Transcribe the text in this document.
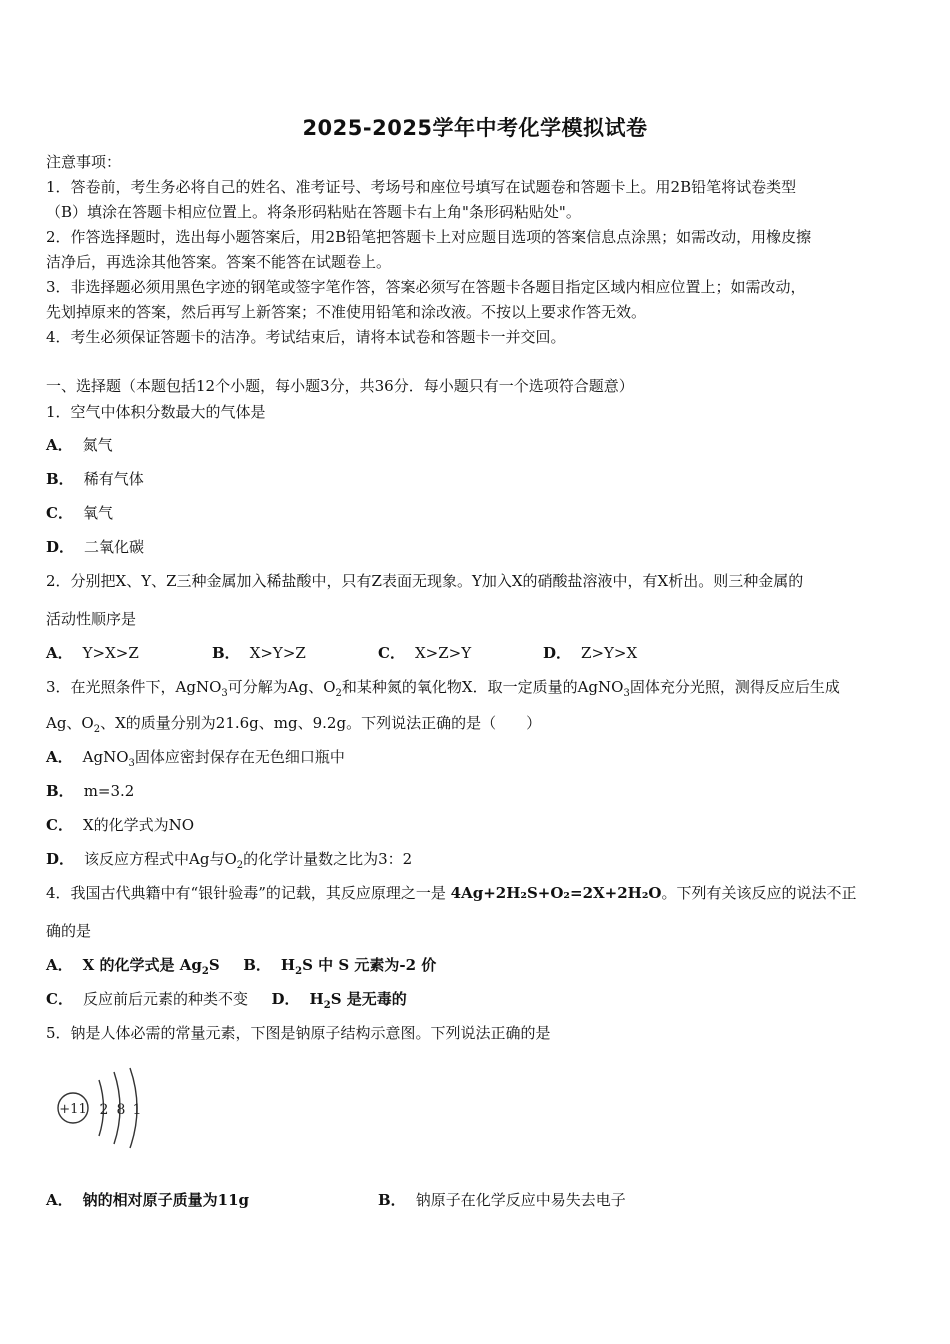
2025-2025学年中考化学模拟试卷
注意事项：
1．答卷前，考生务必将自己的姓名、准考证号、考场号和座位号填写在试题卷和答题卡上。用2B铅笔将试卷类型
（B）填涂在答题卡相应位置上。将条形码粘贴在答题卡右上角"条形码粘贴处"。
2．作答选择题时，选出每小题答案后，用2B铅笔把答题卡上对应题目选项的答案信息点涂黑；如需改动，用橡皮擦
洁净后，再选涂其他答案。答案不能答在试题卷上。
3．非选择题必须用黑色字迹的钢笔或签字笔作答，答案必须写在答题卡各题目指定区域内相应位置上；如需改动，
先划掉原来的答案，然后再写上新答案；不准使用铅笔和涂改液。不按以上要求作答无效。
4．考生必须保证答题卡的洁净。考试结束后，请将本试卷和答题卡一并交回。
一、选择题（本题包括12个小题，每小题3分，共36分．每小题只有一个选项符合题意）
1．空气中体积分数最大的气体是
A． 氮气
B． 稀有气体
C． 氧气
D． 二氧化碳
2．分别把X、Y、Z三种金属加入稀盐酸中，只有Z表面无现象。Y加入X的硝酸盐溶液中，有X析出。则三种金属的
活动性顺序是
A． Y>X>Z	B． X>Y>Z	C． X>Z>Y	D． Z>Y>X
3．在光照条件下，AgNO$_3$可分解为Ag、$O_2$和某种氮的氧化物X．取一定质量的AgNO$_3$固体充分光照，测得反应后生成
Ag、$O_2$、X的质量分别为21.6g、mg、9.2g。下列说法正确的是（　　）
A． AgNO$_3$固体应密封保存在无色细口瓶中
B． m=3.2
C． X的化学式为NO
D． 该反应方程式中Ag与$O_2$的化学计量数之比为3：2
4．我国古代典籍中有“银针验毒”的记载，其反应原理之一是 4Ag+2H₂S+O₂=2X+2H₂O。下列有关该反应的说法不正
确的是
A． X 的化学式是 $Ag_2S$ B． $H_2S$ 中 S 元素为-2 价
C． 反应前后元素的种类不变 D． $H_2S$ 是无毒的
5．钠是人体必需的常量元素，下图是钠原子结构示意图。下列说法正确的是
+11 2 8 1
A． 钠的相对原子质量为11g	B． 钠原子在化学反应中易失去电子
